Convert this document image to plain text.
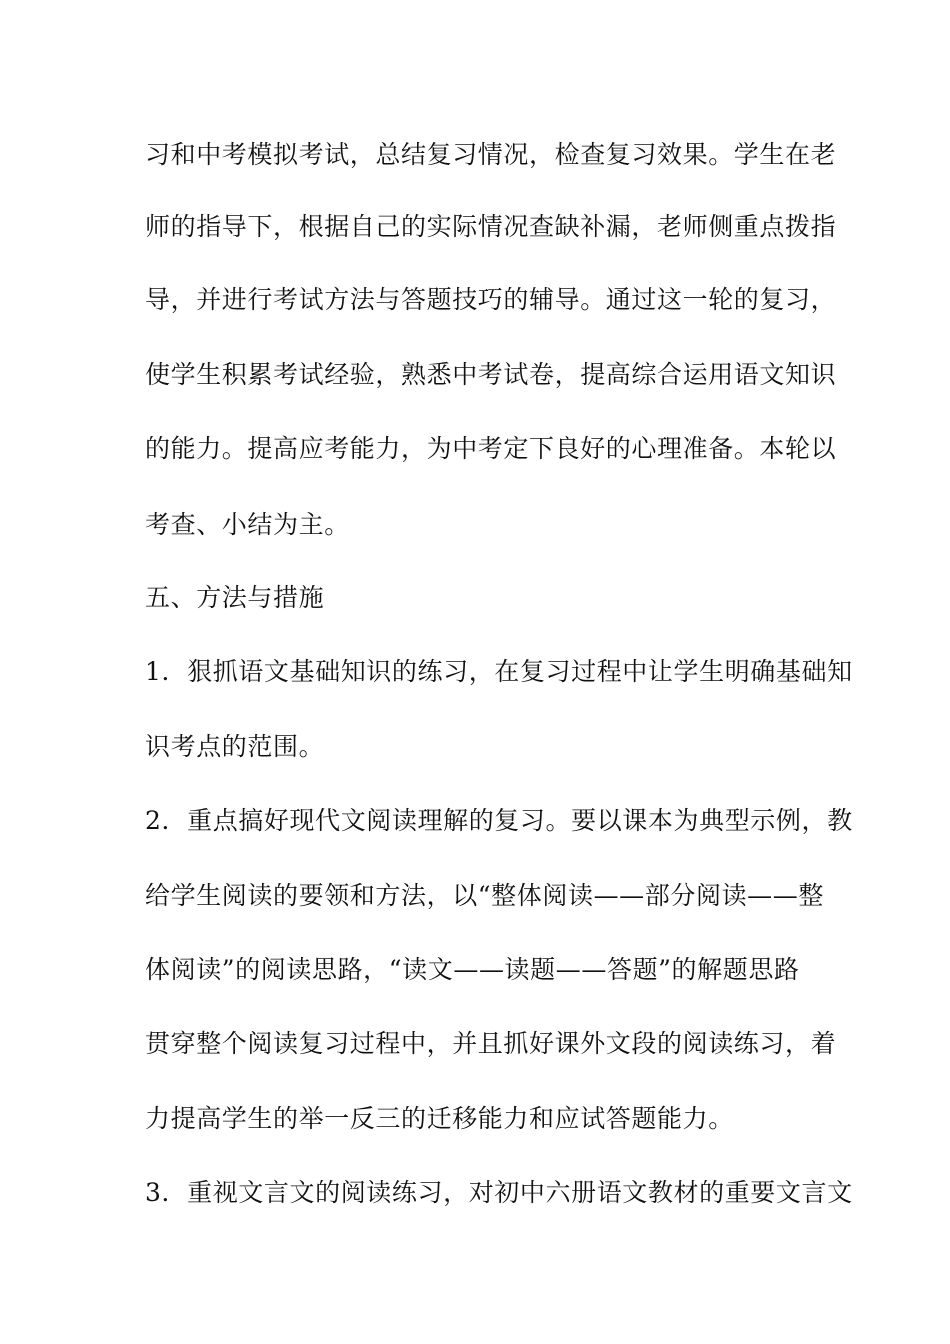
习和中考模拟考试，总结复习情况，检查复习效果。学生在老
师的指导下，根据自己的实际情况查缺补漏，老师侧重点拨指
导，并进行考试方法与答题技巧的辅导。通过这一轮的复习，
使学生积累考试经验，熟悉中考试卷，提高综合运用语文知识
的能力。提高应考能力，为中考定下良好的心理准备。本轮以
考查、小结为主。
五、方法与措施
1．狠抓语文基础知识的练习，在复习过程中让学生明确基础知
识考点的范围。
2．重点搞好现代文阅读理解的复习。要以课本为典型示例，教
给学生阅读的要领和方法，以“整体阅读——部分阅读——整
体阅读”的阅读思路，“读文——读题——答题”的解题思路
贯穿整个阅读复习过程中，并且抓好课外文段的阅读练习，着
力提高学生的举一反三的迁移能力和应试答题能力。
3．重视文言文的阅读练习，对初中六册语文教材的重要文言文
